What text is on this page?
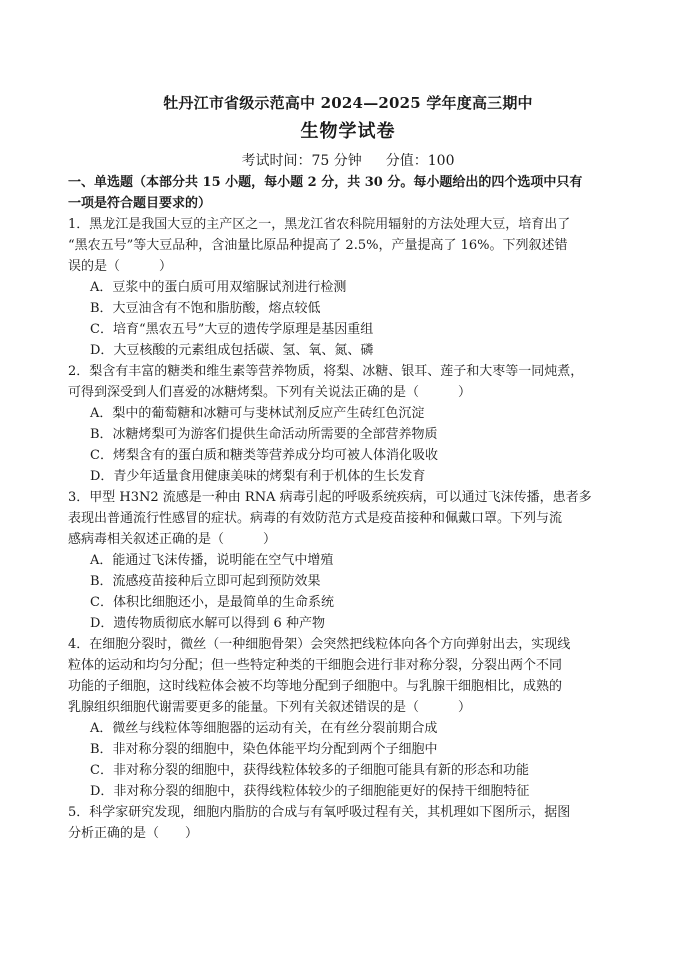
牡丹江市省级示范高中 2024—2025 学年度高三期中

生物学试卷

考试时间：75 分钟 分值：100

一、单选题（本部分共 15 小题，每小题 2 分，共 30 分。每小题给出的四个选项中只有

一项是符合题目要求的）

1．黑龙江是我国大豆的主产区之一，黑龙江省农科院用辐射的方法处理大豆，培育出了

“黑农五号”等大豆品种，含油量比原品种提高了 2.5%，产量提高了 16%。下列叙述错

误的是（　　　）

A．豆浆中的蛋白质可用双缩脲试剂进行检测

B．大豆油含有不饱和脂肪酸，熔点较低

C．培育“黑农五号”大豆的遗传学原理是基因重组

D．大豆核酸的元素组成包括碳、氢、氧、氮、磷

2．梨含有丰富的糖类和维生素等营养物质，将梨、冰糖、银耳、莲子和大枣等一同炖煮，

可得到深受到人们喜爱的冰糖烤梨。下列有关说法正确的是（　　　）

A．梨中的葡萄糖和冰糖可与斐林试剂反应产生砖红色沉淀

B．冰糖烤梨可为游客们提供生命活动所需要的全部营养物质

C．烤梨含有的蛋白质和糖类等营养成分均可被人体消化吸收

D．青少年适量食用健康美味的烤梨有利于机体的生长发育

3．甲型 H3N2 流感是一种由 RNA 病毒引起的呼吸系统疾病，可以通过飞沫传播，患者多

表现出普通流行性感冒的症状。病毒的有效防范方式是疫苗接种和佩戴口罩。下列与流

感病毒相关叙述正确的是（　　　）

A．能通过飞沫传播，说明能在空气中增殖

B．流感疫苗接种后立即可起到预防效果

C．体积比细胞还小，是最简单的生命系统

D．遗传物质彻底水解可以得到 6 种产物

4．在细胞分裂时，微丝（一种细胞骨架）会突然把线粒体向各个方向弹射出去，实现线

粒体的运动和均匀分配；但一些特定种类的干细胞会进行非对称分裂，分裂出两个不同

功能的子细胞，这时线粒体会被不均等地分配到子细胞中。与乳腺干细胞相比，成熟的

乳腺组织细胞代谢需要更多的能量。下列有关叙述错误的是（　　　）

A．微丝与线粒体等细胞器的运动有关，在有丝分裂前期合成

B．非对称分裂的细胞中，染色体能平均分配到两个子细胞中

C．非对称分裂的细胞中，获得线粒体较多的子细胞可能具有新的形态和功能

D．非对称分裂的细胞中，获得线粒体较少的子细胞能更好的保持干细胞特征

5．科学家研究发现，细胞内脂肪的合成与有氧呼吸过程有关，其机理如下图所示，据图

分析正确的是（　　）
